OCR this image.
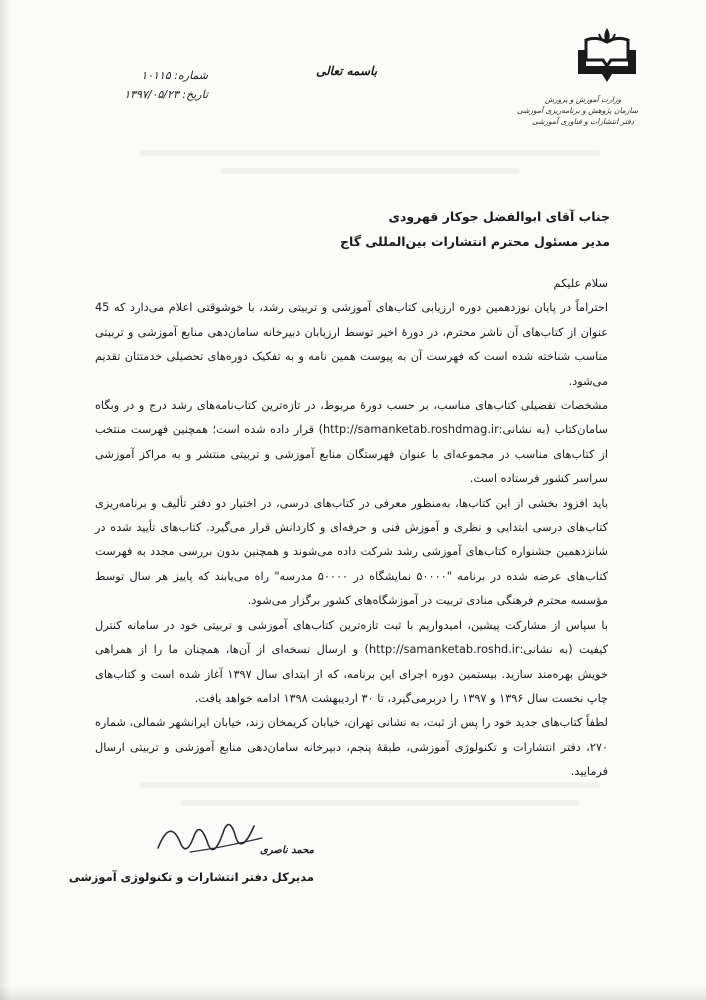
وزارت آموزش و پرورش
سازمان پژوهش و برنامه‌ریزی آموزشی
دفتر انتشارات و فناوری آموزشی
باسمه تعالی
شماره: ۱۰۱۱۵
تاریخ: ۱۳۹۷/۰۵/۲۳
جناب آقای ابوالفضل جوکار قهرودی
مدیر مسئول محترم انتشارات بین‌المللی گاج

سلام علیکم

احتراماً در پایان نوزدهمین دوره ارزیابی کتاب‌های آموزشی و تربیتی رشد، با خوشوقتی اعلام می‌دارد که 45 عنوان از کتاب‌های آن ناشر محترم، در دورهٔ اخیر توسط ارزیابان دبیرخانه سامان‌دهی منابع آموزشی و تربیتی مناسب شناخته شده است که فهرست آن به پیوست همین نامه و به تفکیک دوره‌های تحصیلی خدمتتان تقدیم می‌شود.

مشخصات تفصیلی کتاب‌های مناسب، بر حسب دورهٔ مربوط، در تازه‌ترین کتاب‌نامه‌های رشد درج و در وبگاه سامان‌کتاب (به نشانی:http://samanketab.roshdmag.ir) قرار داده شده است؛ همچنین فهرست منتخب از کتاب‌های مناسب در مجموعه‌ای با عنوان فهرستگان منابع آموزشی و تربیتی منتشر و به مراکز آموزشی سراسر کشور فرستاده است.

باید افزود بخشی از این کتاب‌ها، به‌منظور معرفی در کتاب‌های درسی، در اختیار دو دفتر تألیف و برنامه‌ریزی کتاب‌های درسی ابتدایی و نظری و آموزش فنی و حرفه‌ای و کاردانش قرار می‌گیرد. کتاب‌های تأیید شده در شانزدهمین جشنواره کتاب‌های آموزشی رشد شرکت داده می‌شوند و همچنین بدون بررسی مجدد به فهرست کتاب‌های عرضه شده در برنامه "۵۰۰۰۰ نمایشگاه در ۵۰۰۰۰ مدرسه" راه می‌یابند که پاییز هر سال توسط مؤسسه محترم فرهنگی منادی تربیت در آموزشگاه‌های کشور برگزار می‌شود.

با سپاس از مشارکت پیشین، امیدواریم با ثبت تازه‌ترین کتاب‌های آموزشی و تربیتی خود در سامانه کنترل کیفیت (به نشانی:http://samanketab.roshd.ir) و ارسال نسخه‌ای از آن‌ها، همچنان ما را از همراهی خویش بهره‌مند سازید. بیستمین دوره اجرای این برنامه، که از ابتدای سال ۱۳۹۷ آغاز شده است و کتاب‌های چاپ نخست سال ۱۳۹۶ و ۱۳۹۷ را دربرمی‌گیرد، تا ۳۰ اردیبهشت ۱۳۹۸ ادامه خواهد یافت.

لطفاً کتاب‌های جدید خود را پس از ثبت، به نشانی تهران، خیابان کریمخان زند، خیابان ایرانشهر شمالی، شماره ۲۷۰، دفتر انتشارات و تکنولوژی آموزشی، طبقهٔ پنجم، دبیرخانه سامان‌دهی منابع آموزشی و تربیتی ارسال فرمایید.

محمد ناصری
مدیرکل دفتر انتشارات و تکنولوژی آموزشی
